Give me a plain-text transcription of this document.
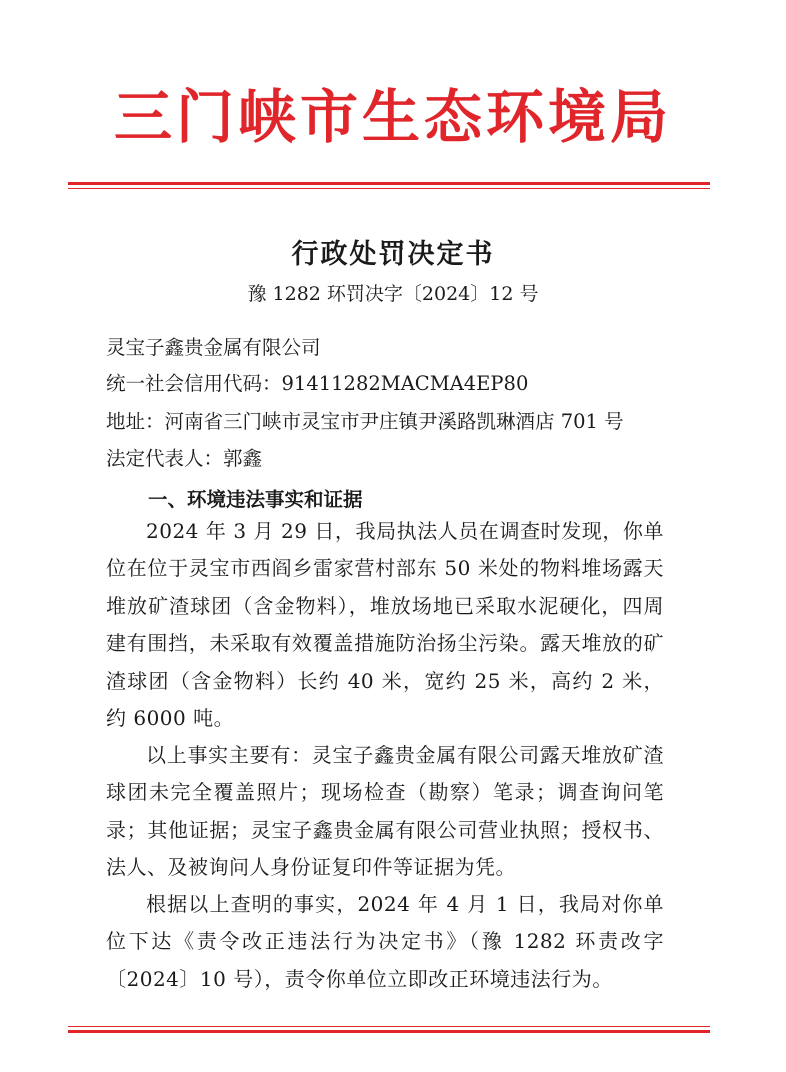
三门峡市生态环境局
行政处罚决定书
豫 1282 环罚决字〔2024〕12 号
灵宝子鑫贵金属有限公司
统一社会信用代码：91411282MACMA4EP80
地址：河南省三门峡市灵宝市尹庄镇尹溪路凯琳酒店 701 号
法定代表人：郭鑫
一、环境违法事实和证据
2024 年 3 月 29 日，我局执法人员在调查时发现，你单位在位于灵宝市西阎乡雷家营村部东 50 米处的物料堆场露天堆放矿渣球团（含金物料），堆放场地已采取水泥硬化，四周建有围挡，未采取有效覆盖措施防治扬尘污染。露天堆放的矿渣球团（含金物料）长约 40 米，宽约 25 米，高约 2 米，约 6000 吨。
以上事实主要有：灵宝子鑫贵金属有限公司露天堆放矿渣球团未完全覆盖照片；现场检查（勘察）笔录；调查询问笔录；其他证据；灵宝子鑫贵金属有限公司营业执照；授权书、法人、及被询问人身份证复印件等证据为凭。
根据以上查明的事实，2024 年 4 月 1 日，我局对你单位下达《责令改正违法行为决定书》（豫 1282 环责改字〔2024〕10 号），责令你单位立即改正环境违法行为。
